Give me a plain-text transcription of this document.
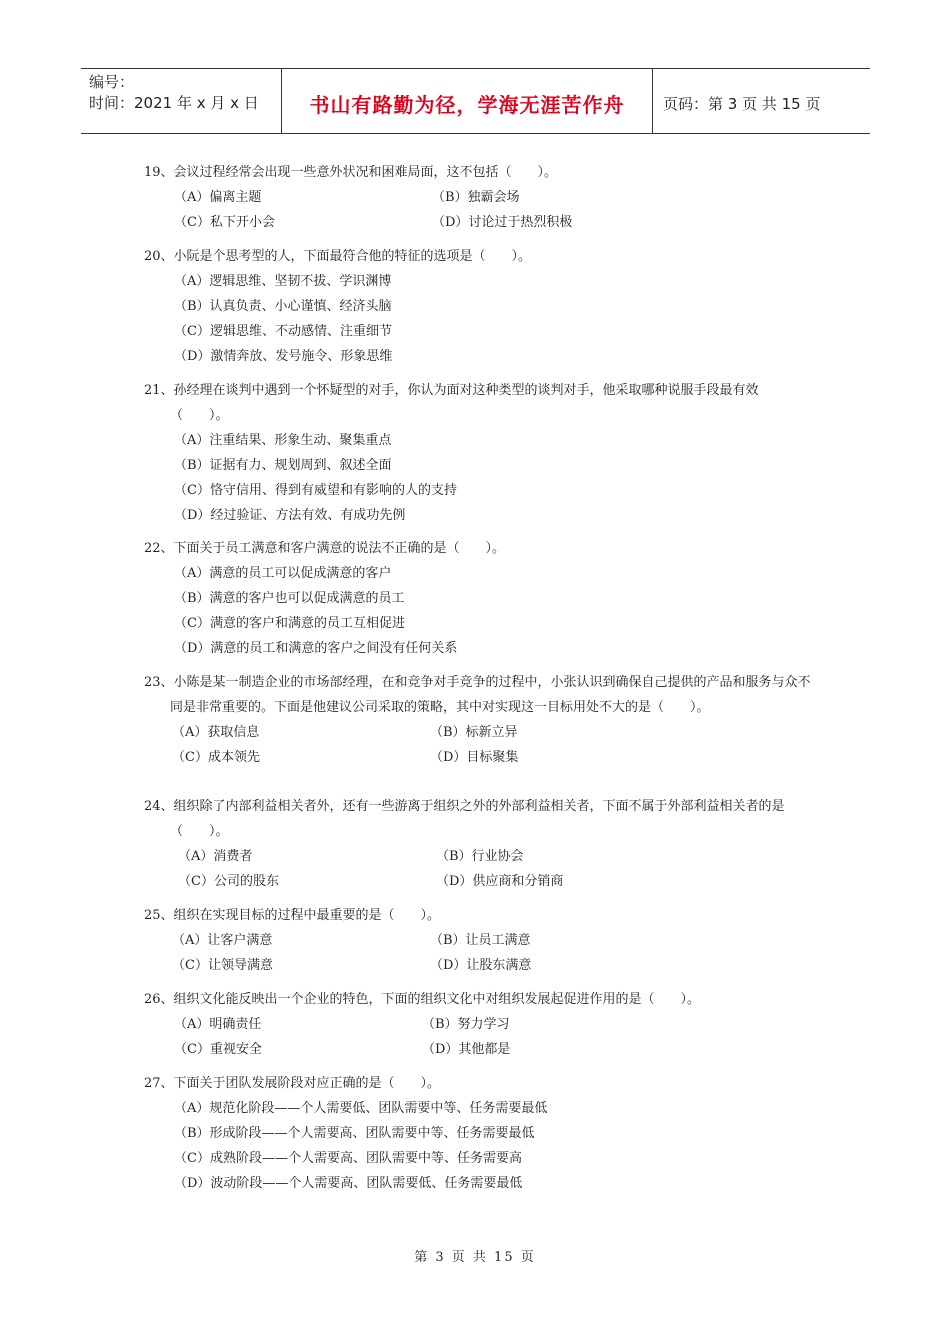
编号：
时间：2021 年 x 月 x 日	书山有路勤为径，学海无涯苦作舟	页码：第 3 页 共 15 页
19、会议过程经常会出现一些意外状况和困难局面，这不包括（　　）。
（A）偏离主题	（B）独霸会场
（C）私下开小会	（D）讨论过于热烈积极
20、小阮是个思考型的人，下面最符合他的特征的选项是（　　）。
（A）逻辑思维、坚韧不拔、学识渊博
（B）认真负责、小心谨慎、经济头脑
（C）逻辑思维、不动感情、注重细节
（D）激情奔放、发号施令、形象思维
21、孙经理在谈判中遇到一个怀疑型的对手，你认为面对这种类型的谈判对手，他采取哪种说服手段最有效（　　）。
（A）注重结果、形象生动、聚集重点
（B）证据有力、规划周到、叙述全面
（C）恪守信用、得到有威望和有影响的人的支持
（D）经过验证、方法有效、有成功先例
22、下面关于员工满意和客户满意的说法不正确的是（　　）。
（A）满意的员工可以促成满意的客户
（B）满意的客户也可以促成满意的员工
（C）满意的客户和满意的员工互相促进
（D）满意的员工和满意的客户之间没有任何关系
23、小陈是某一制造企业的市场部经理，在和竞争对手竞争的过程中，小张认识到确保自己提供的产品和服务与众不同是非常重要的。下面是他建议公司采取的策略，其中对实现这一目标用处不大的是（　　）。
（A）获取信息	（B）标新立异
（C）成本领先	（D）目标聚集
24、组织除了内部利益相关者外，还有一些游离于组织之外的外部利益相关者，下面不属于外部利益相关者的是（　　）。
（A）消费者	（B）行业协会
（C）公司的股东	（D）供应商和分销商
25、组织在实现目标的过程中最重要的是（　　）。
（A）让客户满意	（B）让员工满意
（C）让领导满意	（D）让股东满意
26、组织文化能反映出一个企业的特色，下面的组织文化中对组织发展起促进作用的是（　　）。
（A）明确责任	（B）努力学习
（C）重视安全	（D）其他都是
27、下面关于团队发展阶段对应正确的是（　　）。
（A）规范化阶段——个人需要低、团队需要中等、任务需要最低
（B）形成阶段——个人需要高、团队需要中等、任务需要最低
（C）成熟阶段——个人需要高、团队需要中等、任务需要高
（D）波动阶段——个人需要高、团队需要低、任务需要最低
第 3 页 共 15 页
